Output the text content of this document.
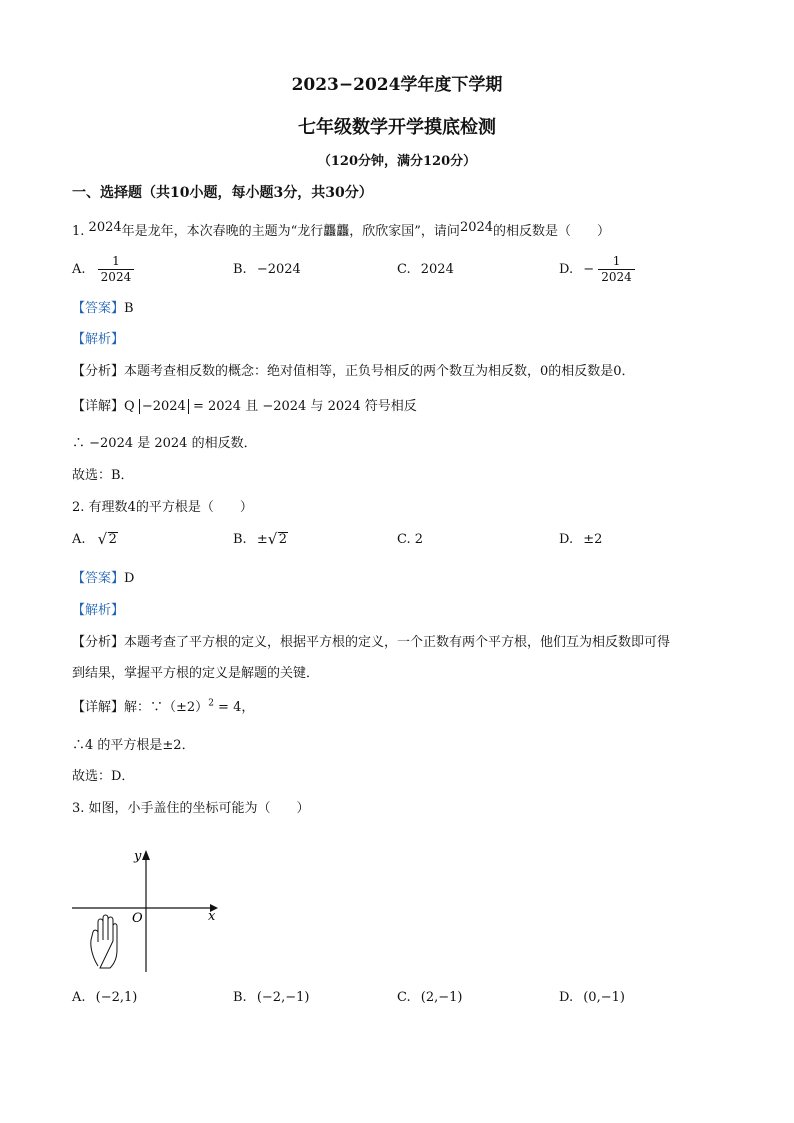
2023−2024学年度下学期
七年级数学开学摸底检测
（120分钟，满分120分）
一、选择题（共10小题，每小题3分，共30分）
1. 2024年是龙年，本次春晚的主题为“龙行龘龘，欣欣家国”，请问2024的相反数是（　　）
A. $\frac{1}{2024}$	B. −2024	C. 2024	D. − $\frac{1}{2024}$
【答案】B
【解析】
【分析】本题考查相反数的概念：绝对值相等，正负号相反的两个数互为相反数，0的相反数是0．
【详解】Q −2024 = 2024 且 −2024 与 2024 符号相反
∴ −2024 是 2024 的相反数．
故选：B．
2. 有理数4的平方根是（　　）
A. √ 2	B. ± √ 2	C. 2	D. ±2
【答案】D
【解析】
【分析】本题考查了平方根的定义，根据平方根的定义，一个正数有两个平方根，他们互为相反数即可得
到结果，掌握平方根的定义是解题的关键．
【详解】解：$\because(\pm 2)^2 = 4$，
∴4 的平方根是±2．
故选：D．
3. 如图，小手盖住的坐标可能为（　　）
y
x
O
A. (−2,1)	B. (−2,−1)	C. (2,−1)	D. (0,−1)
